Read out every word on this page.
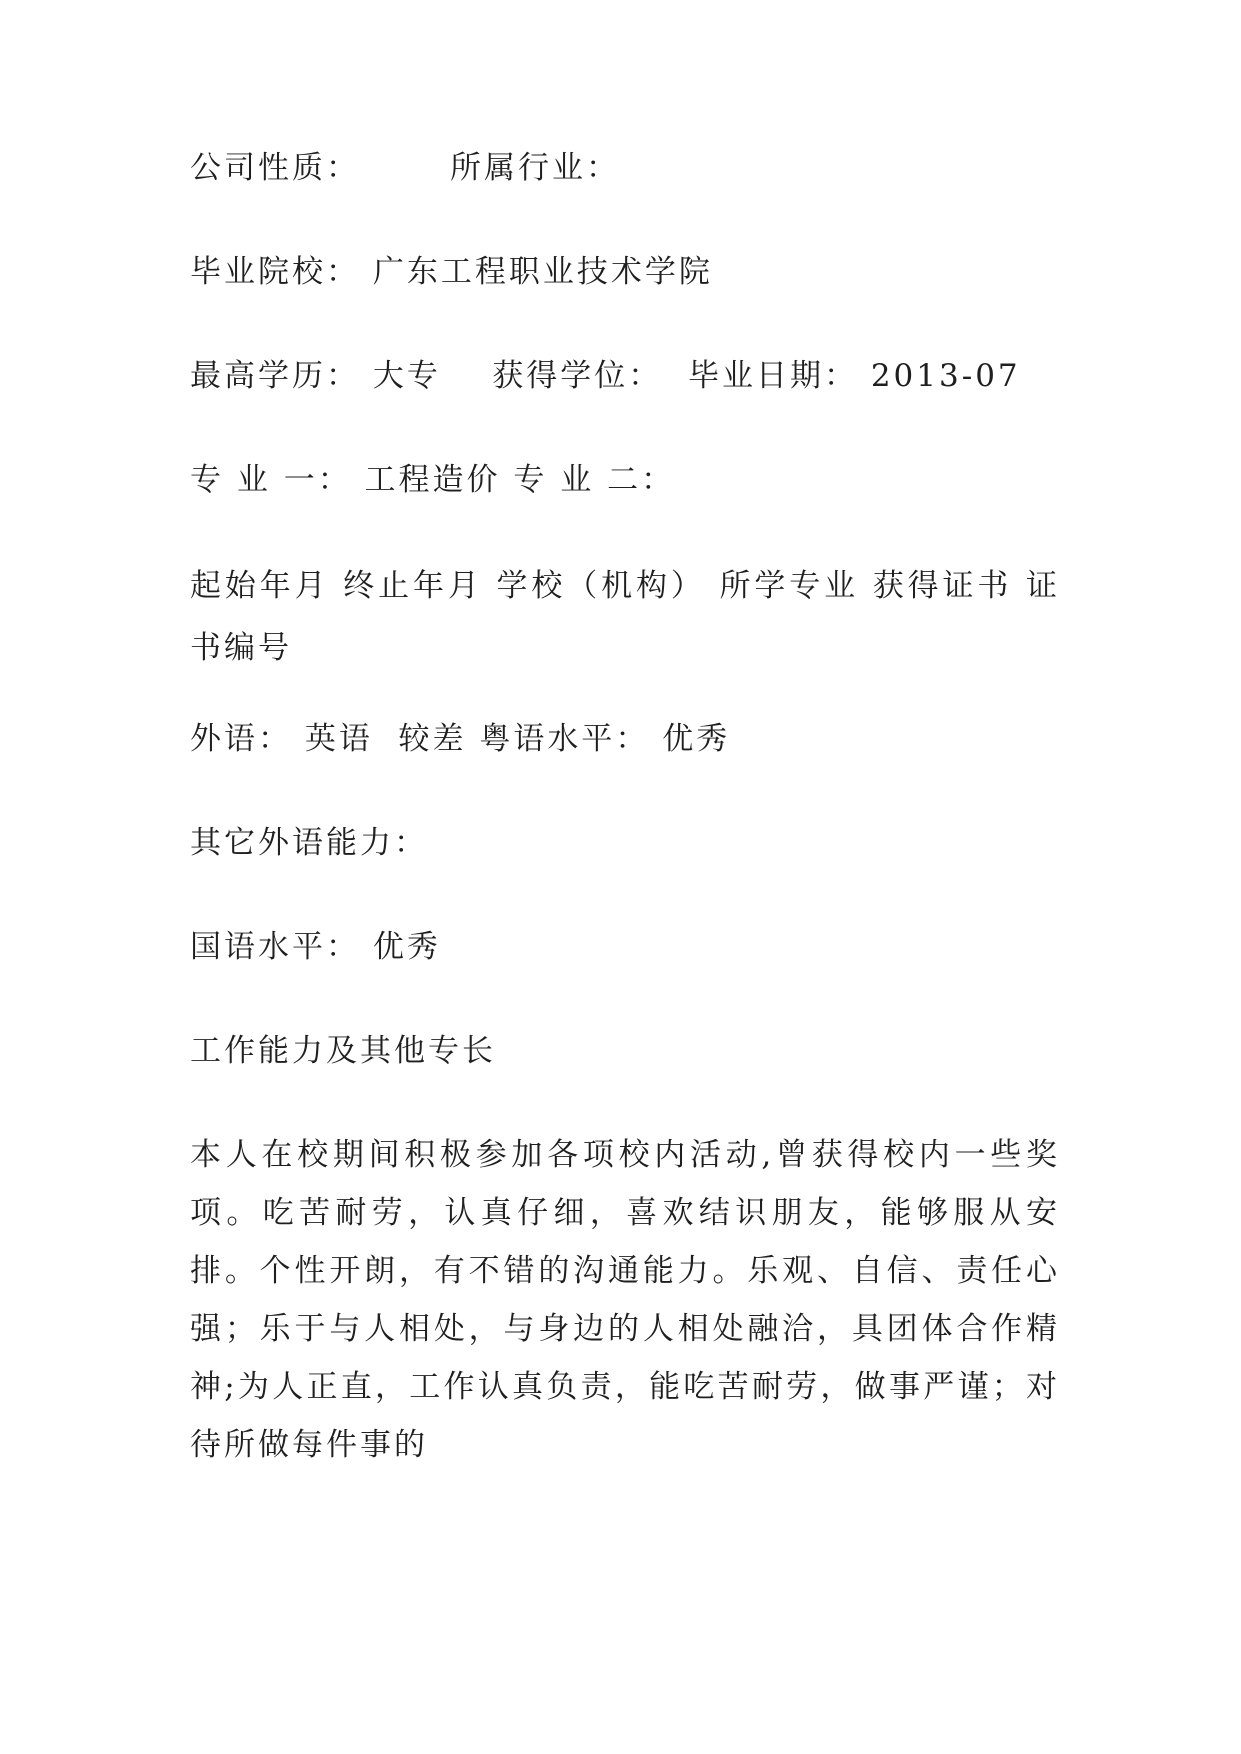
公司性质：       所属行业：

毕业院校： 广东工程职业技术学院

最高学历： 大专    获得学位：  毕业日期： 2013-07

专 业 一： 工程造价 专 业 二：

起始年月 终止年月 学校（机构） 所学专业 获得证书 证书编号

外语： 英语  较差 粤语水平： 优秀

其它外语能力：

国语水平： 优秀

工作能力及其他专长

本人在校期间积极参加各项校内活动,曾获得校内一些奖项。吃苦耐劳，认真仔细，喜欢结识朋友，能够服从安排。个性开朗，有不错的沟通能力。乐观、自信、责任心强；乐于与人相处，与身边的人相处融洽，具团体合作精神;为人正直，工作认真负责，能吃苦耐劳，做事严谨；对待所做每件事的
